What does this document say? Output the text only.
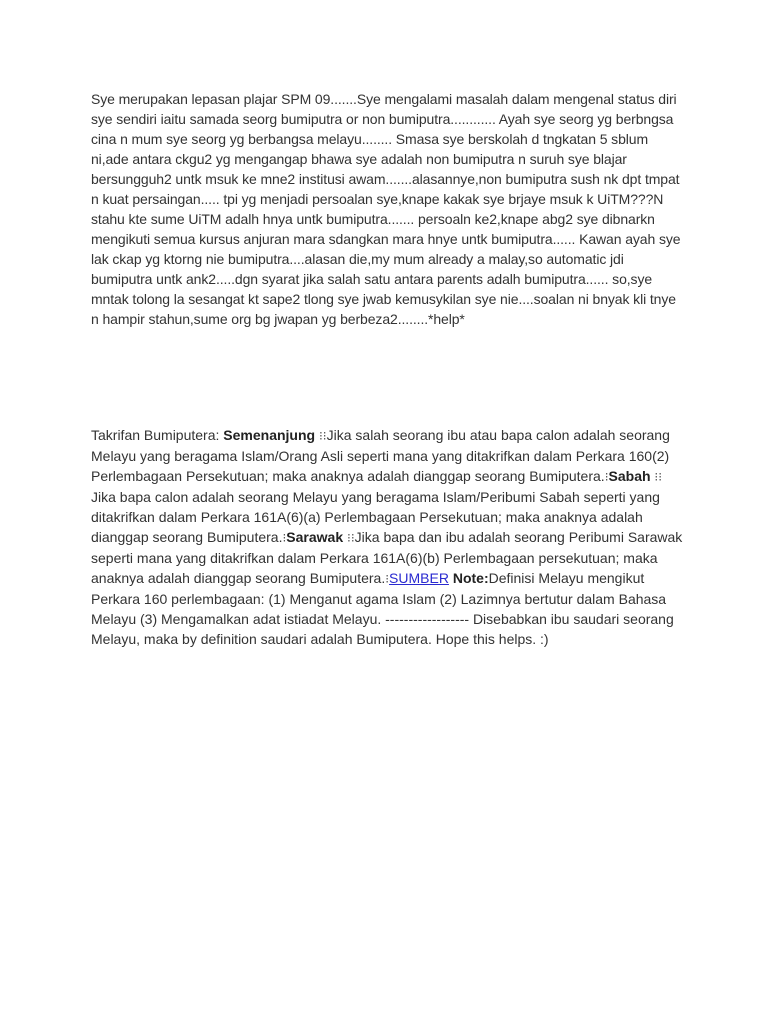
Sye merupakan lepasan plajar SPM 09.......Sye mengalami masalah dalam mengenal status diri sye sendiri iaitu samada seorg bumiputra or non bumiputra............ Ayah sye seorg yg berbngsa cina n mum sye seorg yg berbangsa melayu........ Smasa sye berskolah d tngkatan 5 sblum ni,ade antara ckgu2 yg mengangap bhawa sye adalah non bumiputra n suruh sye blajar bersungguh2 untk msuk ke mne2 institusi awam.......alasannye,non bumiputra sush nk dpt tmpat n kuat persaingan..... tpi yg menjadi persoalan sye,knape kakak sye brjaye msuk k UiTM???N stahu kte sume UiTM adalh hnya untk bumiputra....... persoaln ke2,knape abg2 sye dibnarkn mengikuti semua kursus anjuran mara sdangkan mara hnye untk bumiputra...... Kawan ayah sye lak ckap yg ktorng nie bumiputra....alasan die,my mum already a malay,so automatic jdi bumiputra untk ank2.....dgn syarat jika salah satu antara parents adalh bumiputra...... so,sye mntak tolong la sesangat kt sape2 tlong sye jwab kemusykilan sye nie....soalan ni bnyak kli tnye n hampir stahun,sume org bg jwapan yg berbeza2........*help*

Takrifan Bumiputera: Semenanjung ⁝⁝Jika salah seorang ibu atau bapa calon adalah seorang Melayu yang beragama Islam/Orang Asli seperti mana yang ditakrifkan dalam Perkara 160(2) Perlembagaan Persekutuan; maka anaknya adalah dianggap seorang Bumiputera.⁝Sabah ⁝⁝Jika bapa calon adalah seorang Melayu yang beragama Islam/Peribumi Sabah seperti yang ditakrifkan dalam Perkara 161A(6)(a) Perlembagaan Persekutuan; maka anaknya adalah dianggap seorang Bumiputera.⁝Sarawak ⁝⁝Jika bapa dan ibu adalah seorang Peribumi Sarawak seperti mana yang ditakrifkan dalam Perkara 161A(6)(b) Perlembagaan persekutuan; maka anaknya adalah dianggap seorang Bumiputera.⁝SUMBER Note:Definisi Melayu mengikut Perkara 160 perlembagaan: (1) Menganut agama Islam (2) Lazimnya bertutur dalam Bahasa Melayu (3) Mengamalkan adat istiadat Melayu. ------------------ Disebabkan ibu saudari seorang Melayu, maka by definition saudari adalah Bumiputera. Hope this helps. :)
